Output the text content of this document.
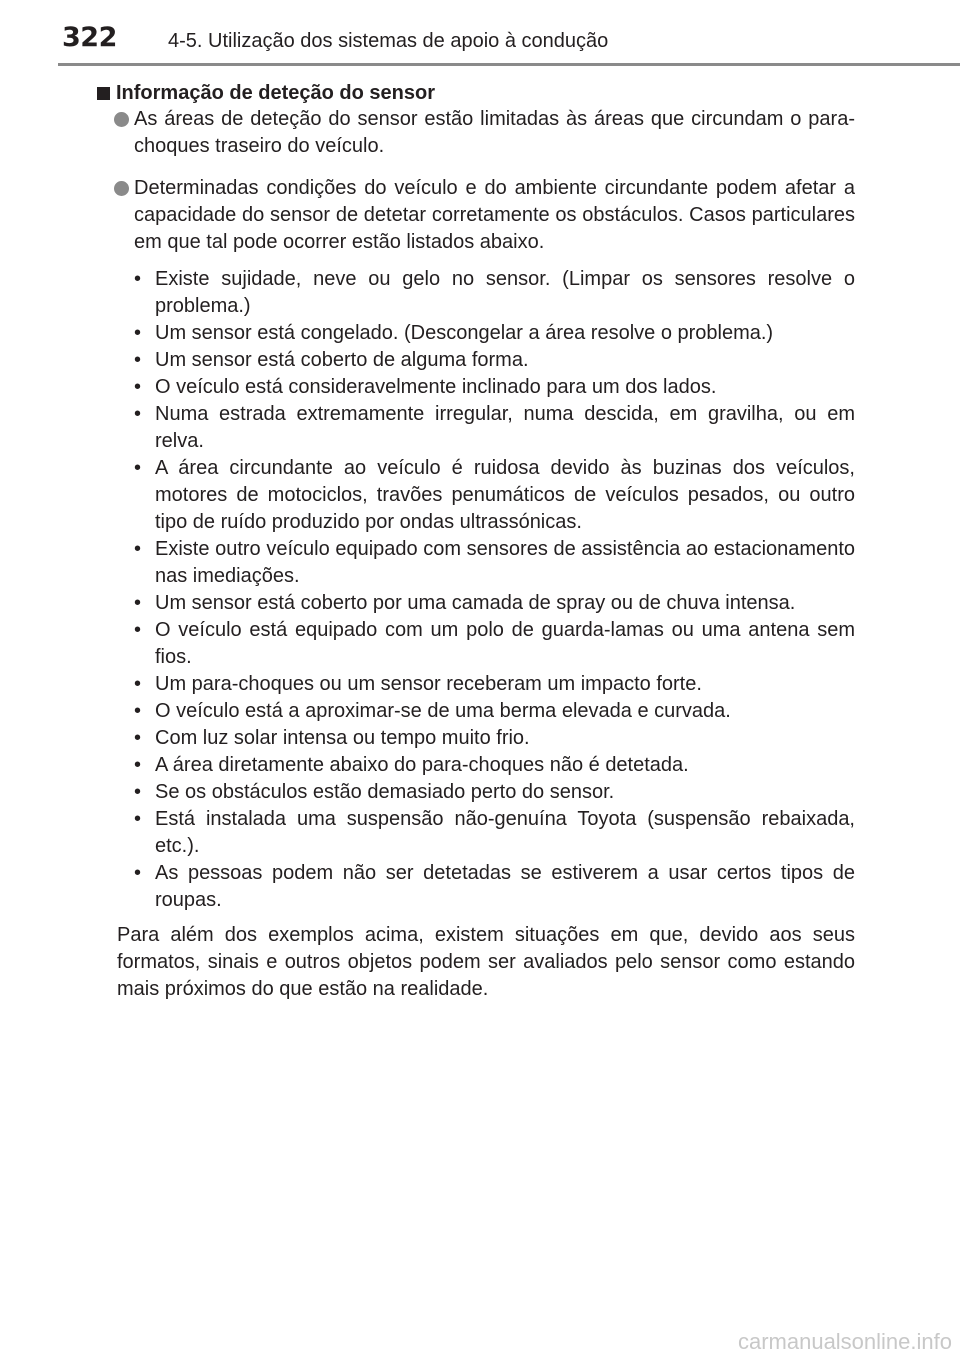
322	4-5. Utilização dos sistemas de apoio à condução
Informação de deteção do sensor
As áreas de deteção do sensor estão limitadas às áreas que circundam o para-choques traseiro do veículo.
Determinadas condições do veículo e do ambiente circundante podem afetar a capacidade do sensor de detetar corretamente os obstáculos. Casos particulares em que tal pode ocorrer estão listados abaixo.
• Existe sujidade, neve ou gelo no sensor. (Limpar os sensores resolve o problema.)
• Um sensor está congelado. (Descongelar a área resolve o problema.)
• Um sensor está coberto de alguma forma.
• O veículo está consideravelmente inclinado para um dos lados.
• Numa estrada extremamente irregular, numa descida, em gravilha, ou em relva.
• A área circundante ao veículo é ruidosa devido às buzinas dos veículos, motores de motociclos, travões penumáticos de veículos pesados, ou outro tipo de ruído produzido por ondas ultrassónicas.
• Existe outro veículo equipado com sensores de assistência ao estacionamento nas imediações.
• Um sensor está coberto por uma camada de spray ou de chuva intensa.
• O veículo está equipado com um polo de guarda-lamas ou uma antena sem fios.
• Um para-choques ou um sensor receberam um impacto forte.
• O veículo está a aproximar-se de uma berma elevada e curvada.
• Com luz solar intensa ou tempo muito frio.
• A área diretamente abaixo do para-choques não é detetada.
• Se os obstáculos estão demasiado perto do sensor.
• Está instalada uma suspensão não-genuína Toyota (suspensão rebaixada, etc.).
• As pessoas podem não ser detetadas se estiverem a usar certos tipos de roupas.
Para além dos exemplos acima, existem situações em que, devido aos seus formatos, sinais e outros objetos podem ser avaliados pelo sensor como estando mais próximos do que estão na realidade.
carmanualsonline.info
